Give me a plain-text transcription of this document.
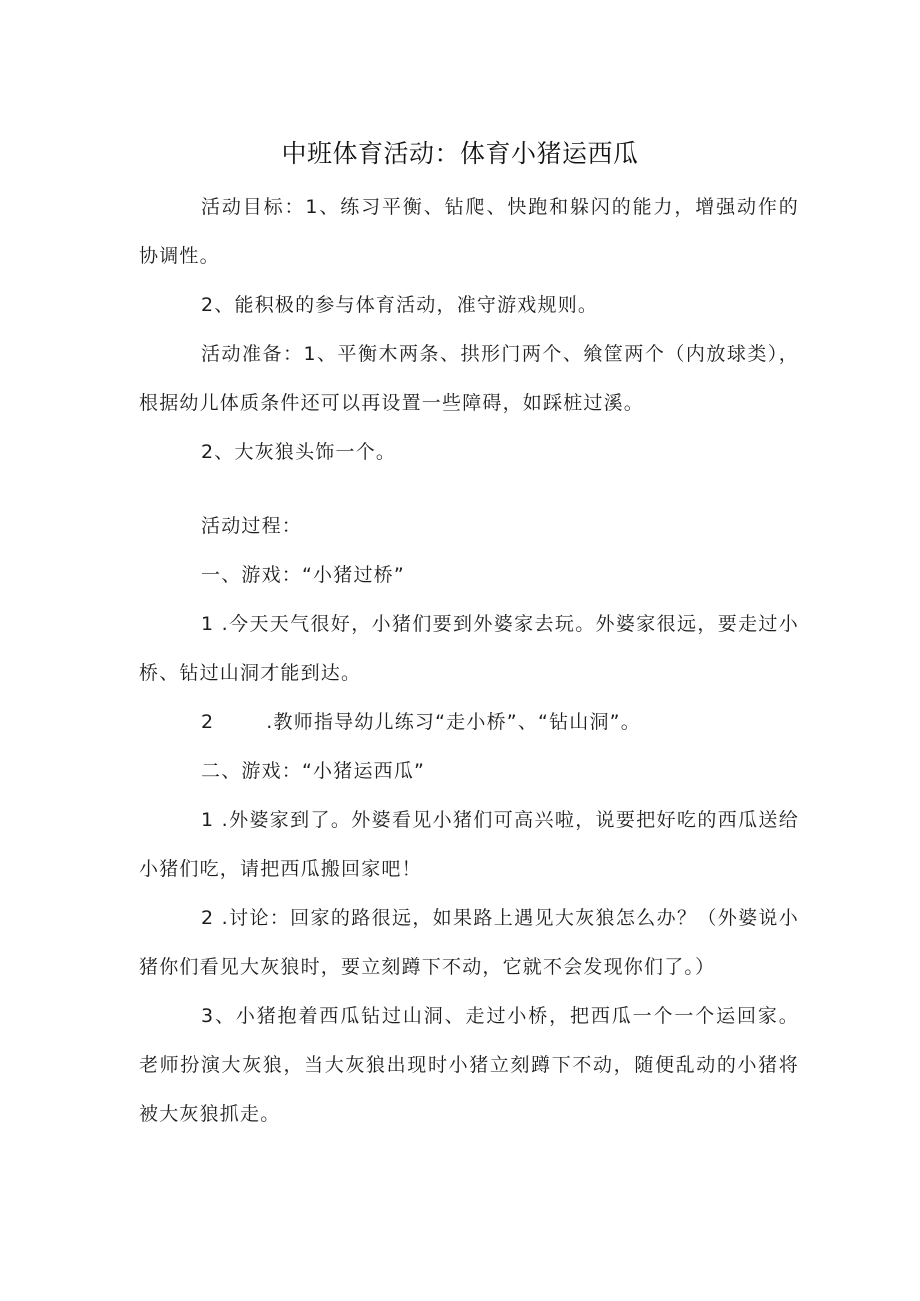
中班体育活动：体育小猪运西瓜
活动目标：1、练习平衡、钻爬、快跑和躲闪的能力，增强动作的协调性。
2、能积极的参与体育活动，准守游戏规则。
活动准备：1、平衡木两条、拱形门两个、飨筐两个（内放球类），根据幼儿体质条件还可以再设置一些障碍，如踩桩过溪。
2、大灰狼头饰一个。
活动过程：
一、游戏：“小猪过桥”
1 .今天天气很好，小猪们要到外婆家去玩。外婆家很远，要走过小桥、钻过山洞才能到达。
2	.教师指导幼儿练习“走小桥”、“钻山洞”。
二、游戏：“小猪运西瓜”
1 .外婆家到了。外婆看见小猪们可高兴啦，说要把好吃的西瓜送给小猪们吃，请把西瓜搬回家吧！
2 .讨论：回家的路很远，如果路上遇见大灰狼怎么办？（外婆说小猪你们看见大灰狼时，要立刻蹲下不动，它就不会发现你们了。）
3、小猪抱着西瓜钻过山洞、走过小桥，把西瓜一个一个运回家。老师扮演大灰狼，当大灰狼出现时小猪立刻蹲下不动，随便乱动的小猪将被大灰狼抓走。
